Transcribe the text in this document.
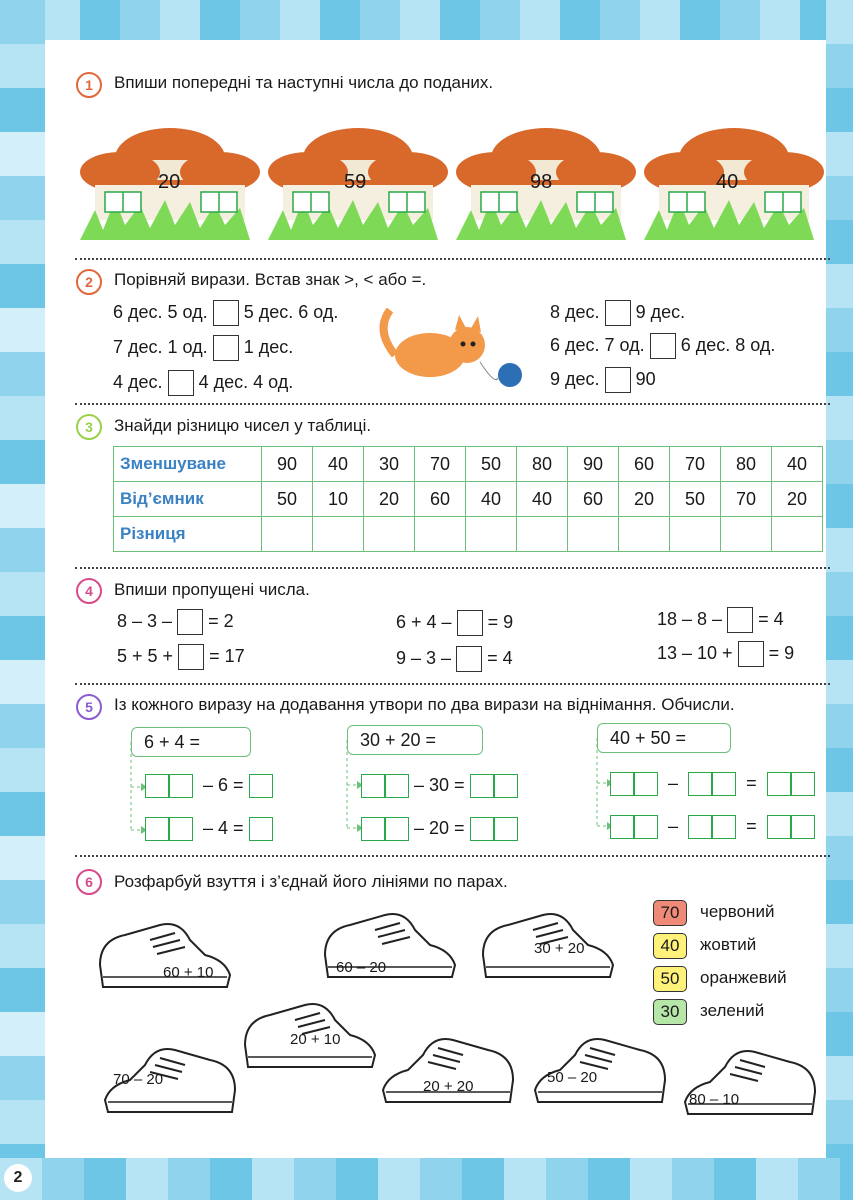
2
1	Впиши попередні та наступні числа до поданих.
20	59	98	40
2	Порівняй вирази. Встав знак >, < або =.
6 дес. 5 од. 5 дес. 6 од.
7 дес. 1 од. 1 дес.
4 дес. 4 дес. 4 од.
8 дес. 9 дес.
6 дес. 7 од. 6 дес. 8 од.
9 дес. 90
3	Знайди різницю чисел у таблиці.
Зменшуване	90	40	30	70	50	80	90	60	70	80	40
Від’ємник	50	10	20	60	40	40	60	20	50	70	20
Різниця											
4	Впиши пропущені числа.
8 – 3 – = 2
5 + 5 + = 17
6 + 4 – = 9
9 – 3 – = 4
18 – 8 – = 4
13 – 10 + = 9
5	Із кожного виразу на додавання утвори по два вирази на віднімання. Обчисли.
6 + 4 =
– 6 =
– 4 =
30 + 20 =
– 30 =
– 20 =
40 + 50 =
–	=
–	=
6	Розфарбуй взуття і з’єднай його лініями по парах.
60 + 10	60 – 20
30 + 20
20 + 10
70 – 20	20 + 20
50 – 20
80 – 10
70	червоний
40	жовтий
50	оранжевий
30	зелений
